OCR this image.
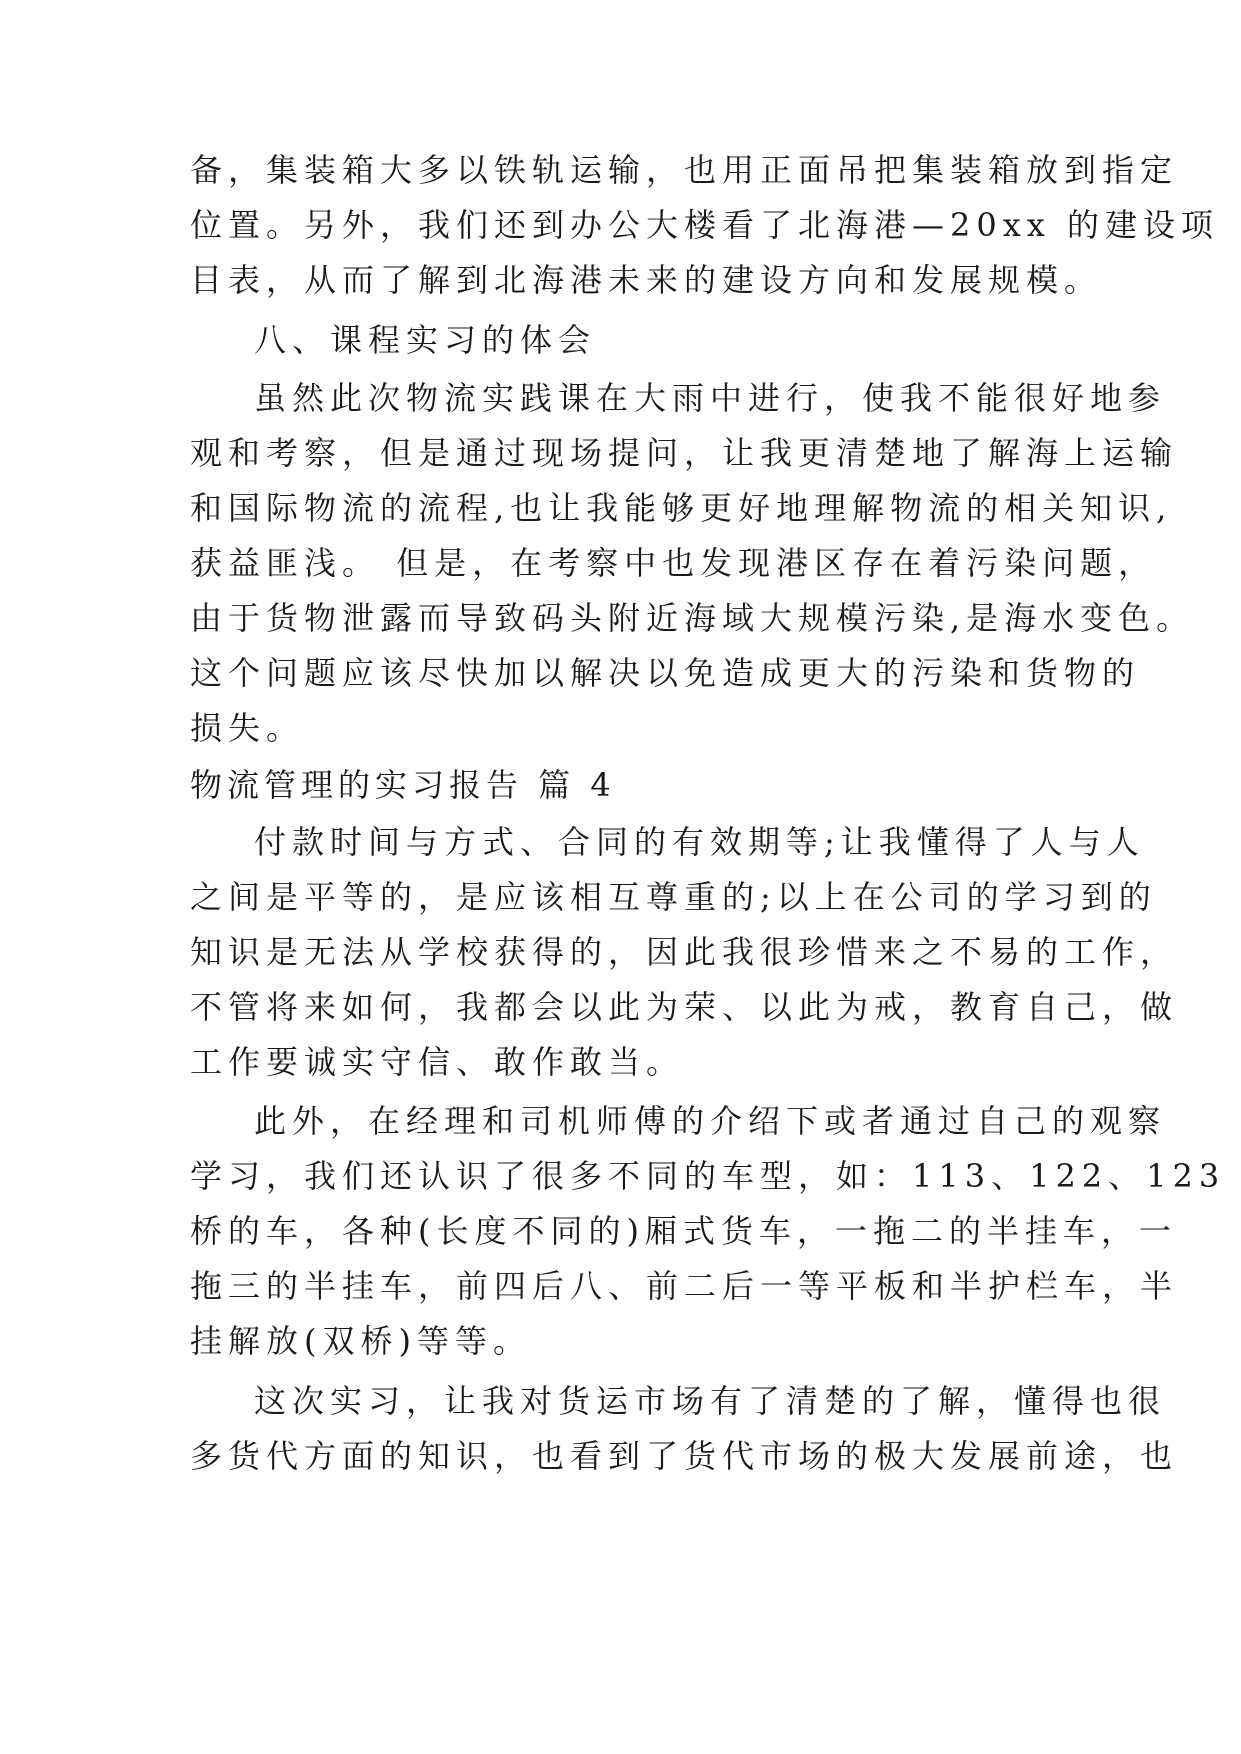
备，集装箱大多以铁轨运输，也用正面吊把集装箱放到指定
位置。另外，我们还到办公大楼看了北海港—20xx 的建设项
目表，从而了解到北海港未来的建设方向和发展规模。
八、课程实习的体会
虽然此次物流实践课在大雨中进行，使我不能很好地参
观和考察，但是通过现场提问，让我更清楚地了解海上运输
和国际物流的流程,也让我能够更好地理解物流的相关知识,
获益匪浅。 但是，在考察中也发现港区存在着污染问题，
由于货物泄露而导致码头附近海域大规模污染,是海水变色。
这个问题应该尽快加以解决以免造成更大的污染和货物的
损失。
物流管理的实习报告 篇 4
付款时间与方式、合同的有效期等;让我懂得了人与人
之间是平等的，是应该相互尊重的;以上在公司的学习到的
知识是无法从学校获得的，因此我很珍惜来之不易的工作，
不管将来如何，我都会以此为荣、以此为戒，教育自己，做
工作要诚实守信、敢作敢当。
此外，在经理和司机师傅的介绍下或者通过自己的观察
学习，我们还认识了很多不同的车型，如：113、122、123
桥的车，各种(长度不同的)厢式货车，一拖二的半挂车，一
拖三的半挂车，前四后八、前二后一等平板和半护栏车，半
挂解放(双桥)等等。
这次实习，让我对货运市场有了清楚的了解，懂得也很
多货代方面的知识，也看到了货代市场的极大发展前途，也
